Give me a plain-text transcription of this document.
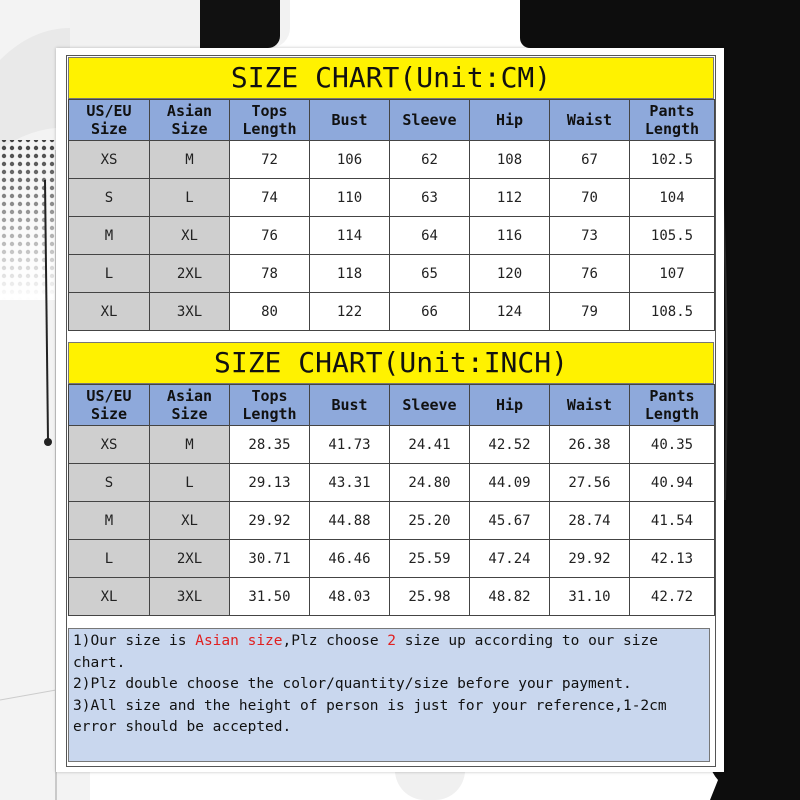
SIZE CHART(Unit:CM)
US/EU Size	Asian Size	Tops Length	Bust	Sleeve	Hip	Waist	Pants Length
XS	M	72	106	62	108	67	102.5
S	L	74	110	63	112	70	104
M	XL	76	114	64	116	73	105.5
L	2XL	78	118	65	120	76	107
XL	3XL	80	122	66	124	79	108.5
SIZE CHART(Unit:INCH)
US/EU Size	Asian Size	Tops Length	Bust	Sleeve	Hip	Waist	Pants Length
XS	M	28.35	41.73	24.41	42.52	26.38	40.35
S	L	29.13	43.31	24.80	44.09	27.56	40.94
M	XL	29.92	44.88	25.20	45.67	28.74	41.54
L	2XL	30.71	46.46	25.59	47.24	29.92	42.13
XL	3XL	31.50	48.03	25.98	48.82	31.10	42.72

1)Our size is Asian size,Plz choose 2 size up according to our size chart.

2)Plz double choose the color/quantity/size before your payment.

3)All size and the height of person is just for your reference,1-2cm error should be accepted.
